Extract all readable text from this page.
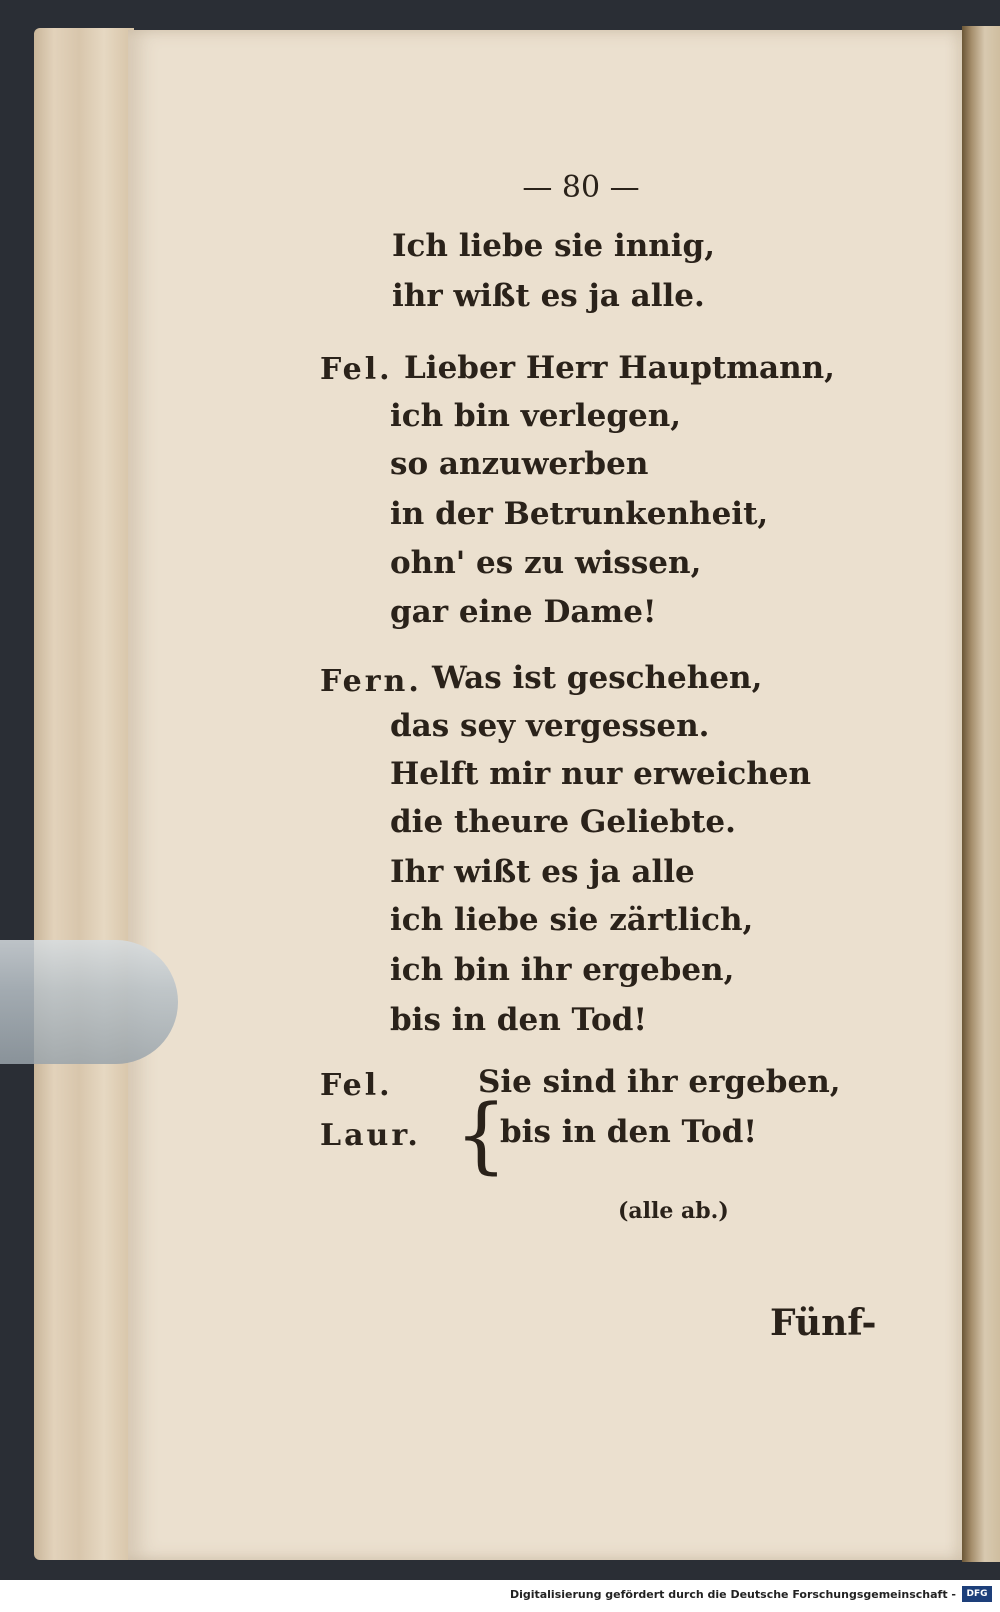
— 80 —
Ich liebe sie innig,
ihr wißt es ja alle.
Fel. Lieber Herr Hauptmann,
ich bin verlegen,
so anzuwerben
in der Betrunkenheit,
ohn' es zu wissen,
gar eine Dame!
Fern. Was ist geschehen,
das sey vergessen.
Helft mir nur erweichen
die theure Geliebte.
Ihr wißt es ja alle
ich liebe sie zärtlich,
ich bin ihr ergeben,
bis in den Tod!
Fel.
Laur. {
Sie sind ihr ergeben,
bis in den Tod!
(alle ab.)
Fünf-
Digitalisierung gefördert durch die Deutsche Forschungsgemeinschaft -	DFG
